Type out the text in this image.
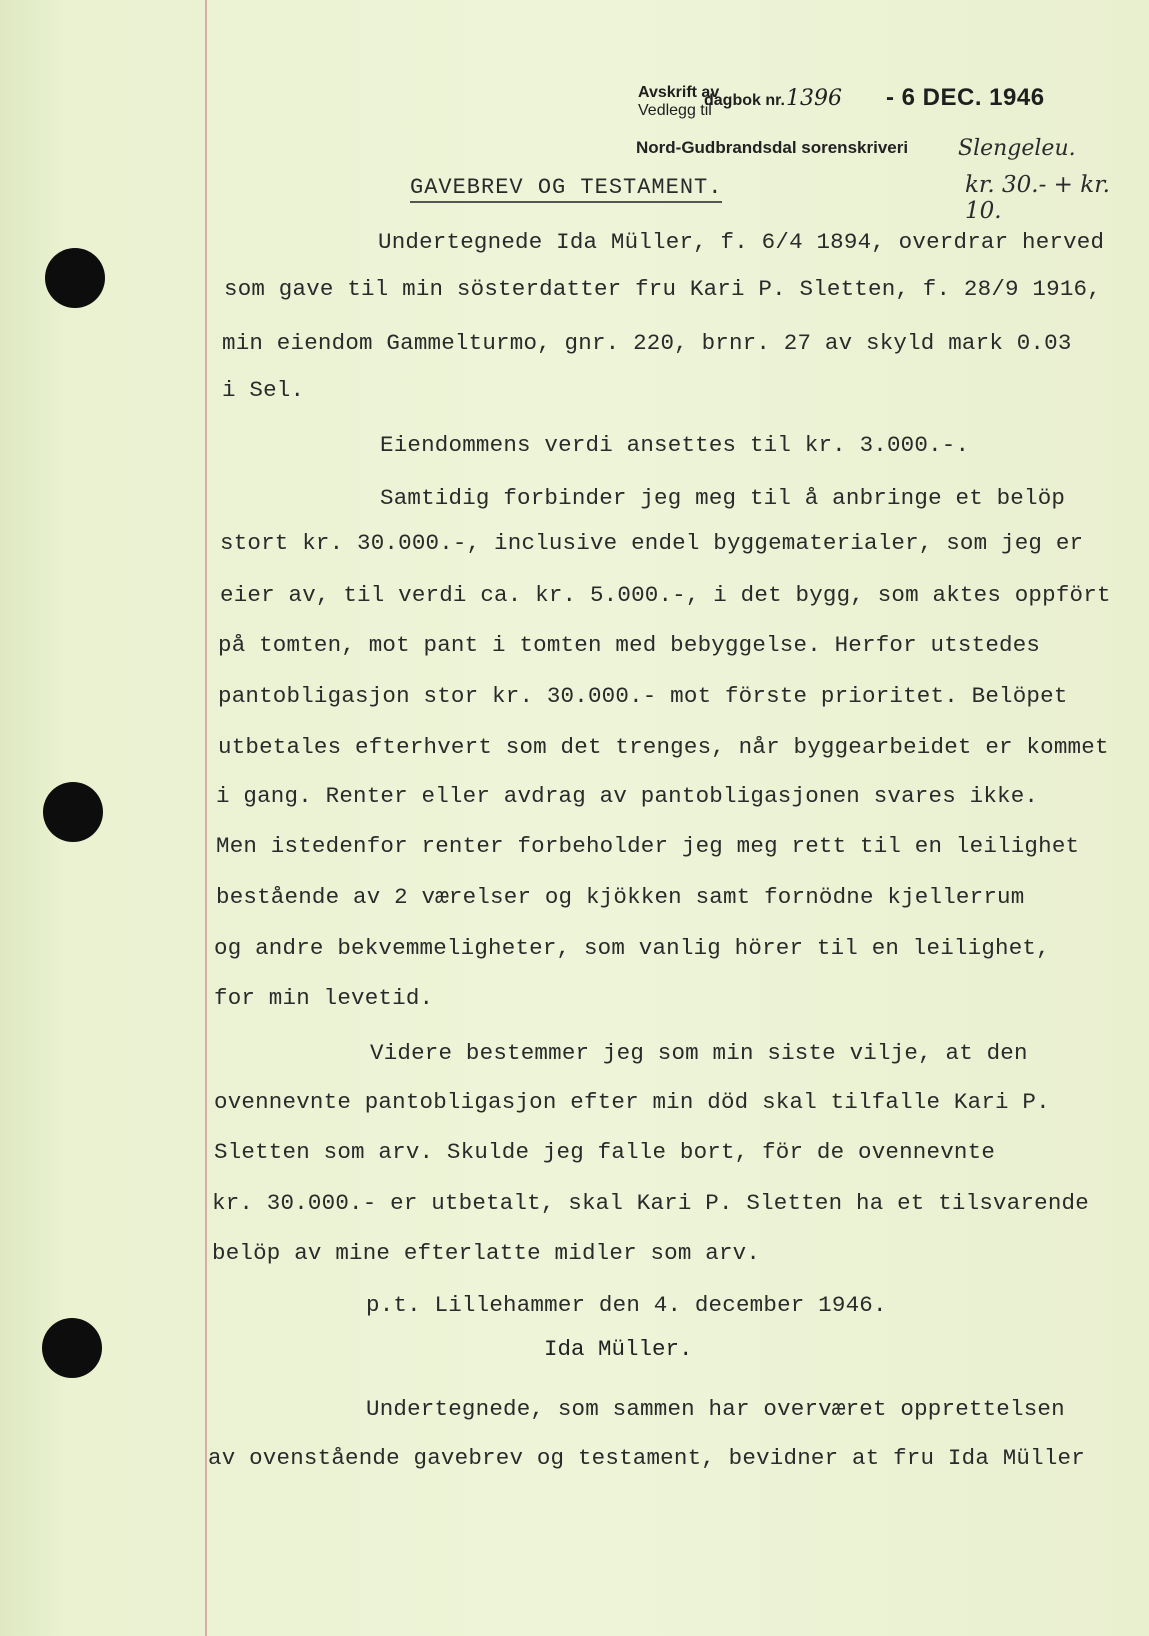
Avskrift av
Vedlegg til
dagbok nr. 1396 - 6 DEC. 1946
Nord-Gudbrandsdal sorenskriveri Slengeleu.
kr. 30.- + kr. 10.
GAVEBREV OG TESTAMENT.
Undertegnede Ida Müller, f. 6/4 1894, overdrar herved
som gave til min sösterdatter fru Kari P. Sletten, f. 28/9 1916,
min eiendom Gammelturmo, gnr. 220, brnr. 27 av skyld mark 0.03
i Sel.
Eiendommens verdi ansettes til kr. 3.000.-.
Samtidig forbinder jeg meg til å anbringe et belöp
stort kr. 30.000.-, inclusive endel byggematerialer, som jeg er
eier av, til verdi ca. kr. 5.000.-, i det bygg, som aktes oppfört
på tomten, mot pant i tomten med bebyggelse. Herfor utstedes
pantobligasjon stor kr. 30.000.- mot förste prioritet. Belöpet
utbetales efterhvert som det trenges, når byggearbeidet er kommet
i gang. Renter eller avdrag av pantobligasjonen svares ikke.
Men istedenfor renter forbeholder jeg meg rett til en leilighet
bestående av 2 værelser og kjökken samt fornödne kjellerrum
og andre bekvemmeligheter, som vanlig hörer til en leilighet,
for min levetid.
Videre bestemmer jeg som min siste vilje, at den
ovennevnte pantobligasjon efter min död skal tilfalle Kari P.
Sletten som arv. Skulde jeg falle bort, för de ovennevnte
kr. 30.000.- er utbetalt, skal Kari P. Sletten ha et tilsvarende
belöp av mine efterlatte midler som arv.
p.t. Lillehammer den 4. december 1946.
Ida Müller.
Undertegnede, som sammen har overværet opprettelsen
av ovenstående gavebrev og testament, bevidner at fru Ida Müller
